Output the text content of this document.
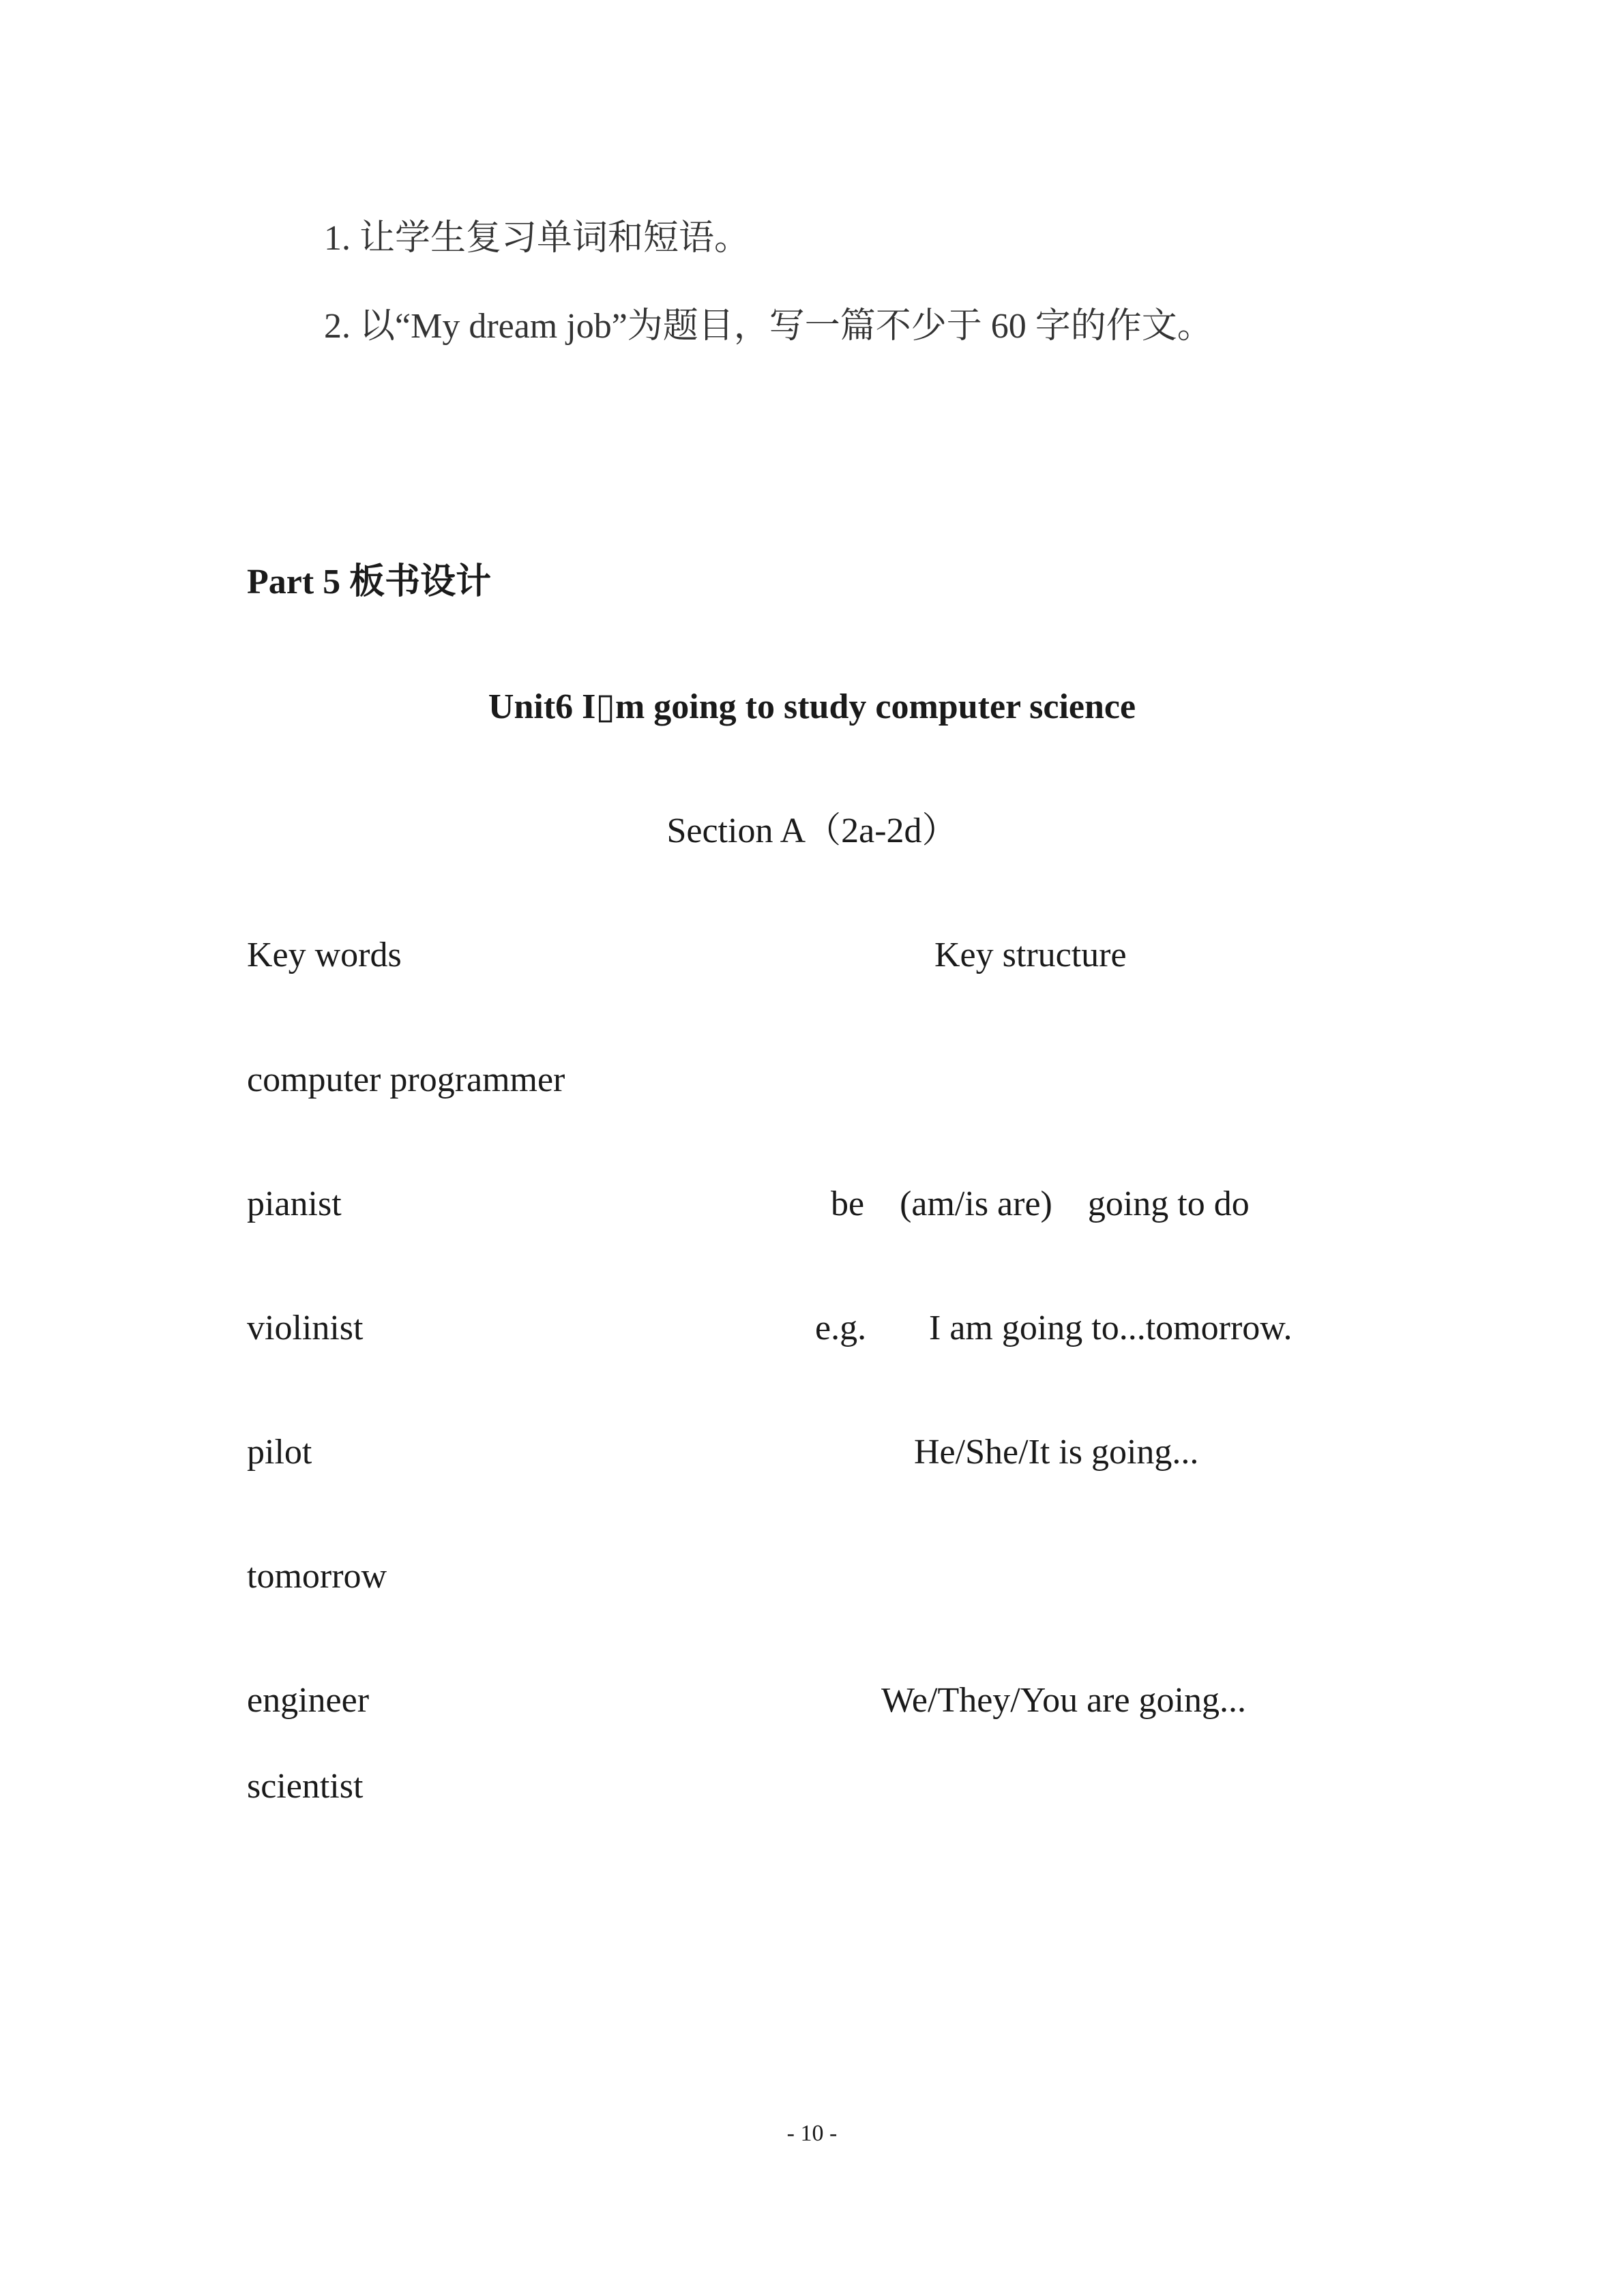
1. 让学生复习单词和短语。
2. 以“My dream job”为题目，写一篇不少于 60 字的作文。
Part 5 板书设计
Unit6 I▯m going to study computer science
Section A（2a-2d）
Key words	Key structure
computer programmer
pianist
violinist
pilot
tomorrow
engineer
scientist
be    (am/is are)    going to do
e.g. I am going to...tomorrow.
He/She/It is going...
We/They/You are going...
- 10 -
